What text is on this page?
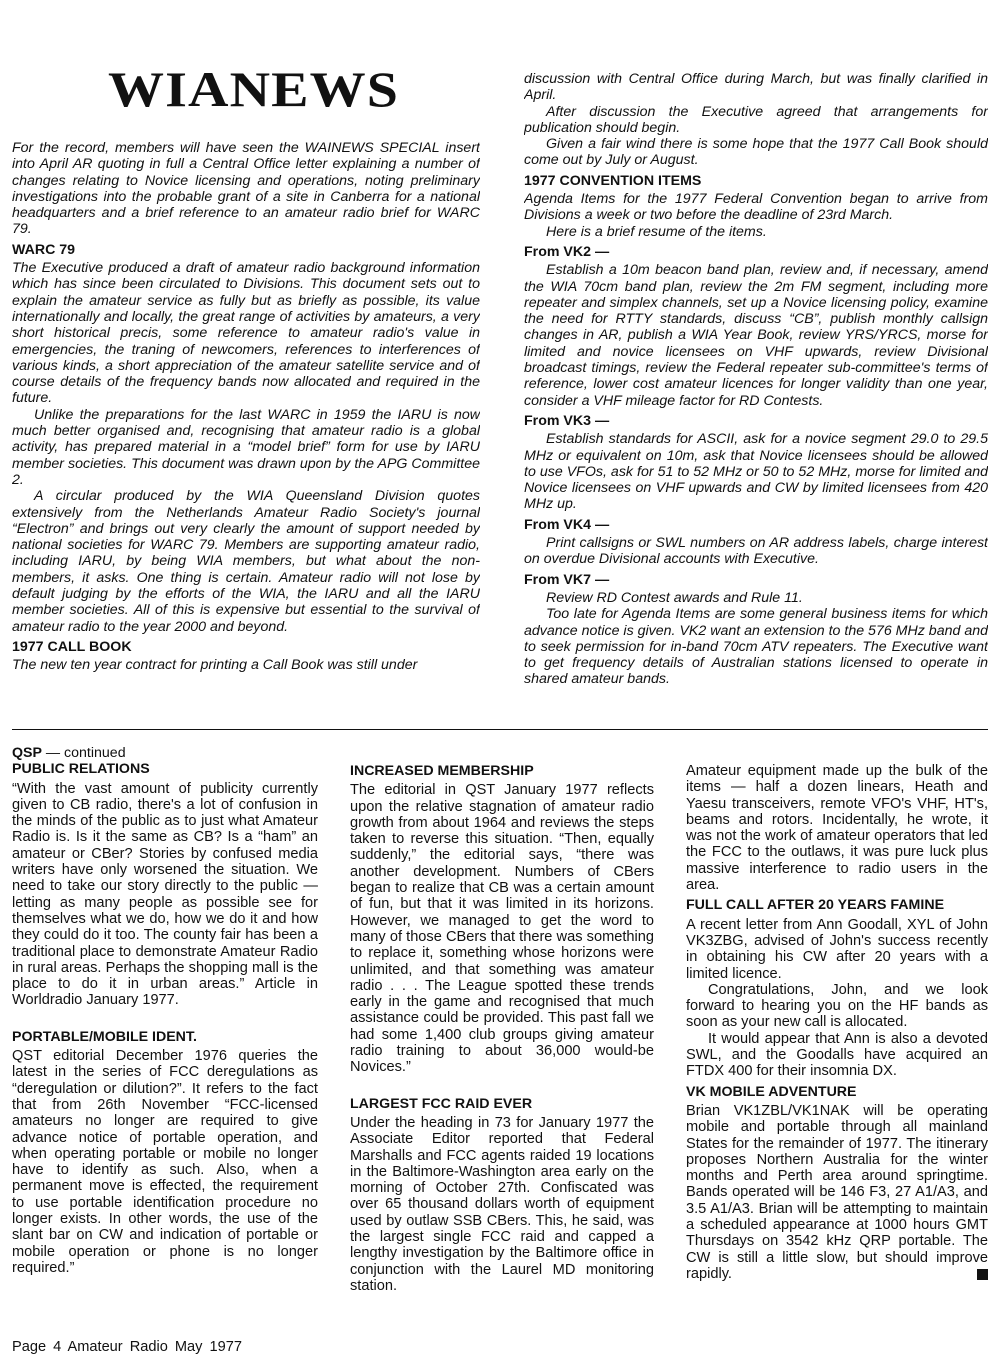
WIANEWS

For the record, members will have seen the WAINEWS SPECIAL insert into April AR quoting in full a Central Office letter explaining a number of changes relating to Novice licensing and operations, noting preliminary investigations into the probable grant of a site in Canberra for a national headquarters and a brief reference to an amateur radio brief for WARC 79.

WARC 79

The Executive produced a draft of amateur radio background information which has since been circulated to Divisions. This document sets out to explain the amateur service as fully but as briefly as possible, its value internationally and locally, the great range of activities by amateurs, a very short historical precis, some reference to amateur radio's value in emergencies, the traning of newcomers, references to interferences of various kinds, a short appreciation of the amateur satellite service and of course details of the frequency bands now allocated and required in the future.

Unlike the preparations for the last WARC in 1959 the IARU is now much better organised and, recognising that amateur radio is a global activity, has prepared material in a “model brief” form for use by IARU member societies. This document was drawn upon by the APG Committee 2.

A circular produced by the WIA Queensland Division quotes extensively from the Netherlands Amateur Radio Society's journal “Electron” and brings out very clearly the amount of support needed by national societies for WARC 79. Members are supporting amateur radio, including IARU, by being WIA members, but what about the non-members, it asks. One thing is certain. Amateur radio will not lose by default judging by the efforts of the WIA, the IARU and all the IARU member societies. All of this is expensive but essential to the survival of amateur radio to the year 2000 and beyond.

1977 CALL BOOK

The new ten year contract for printing a Call Book was still under

discussion with Central Office during March, but was finally clarified in April.

After discussion the Executive agreed that arrangements for publication should begin.

Given a fair wind there is some hope that the 1977 Call Book should come out by July or August.

1977 CONVENTION ITEMS

Agenda Items for the 1977 Federal Convention began to arrive from Divisions a week or two before the deadline of 23rd March.

Here is a brief resume of the items.

From VK2 —

Establish a 10m beacon band plan, review and, if necessary, amend the WIA 70cm band plan, review the 2m FM segment, including more repeater and simplex channels, set up a Novice licensing policy, examine the need for RTTY standards, discuss “CB”, publish monthly callsign changes in AR, publish a WIA Year Book, review YRS/YRCS, morse for limited and novice licensees on VHF upwards, review Divisional broadcast timings, review the Federal repeater sub-committee's terms of reference, lower cost amateur licences for longer validity than one year, consider a VHF mileage factor for RD Contests.

From VK3 —

Establish standards for ASCII, ask for a novice segment 29.0 to 29.5 MHz or equivalent on 10m, ask that Novice licensees should be allowed to use VFOs, ask for 51 to 52 MHz or 50 to 52 MHz, morse for limited and Novice licensees on VHF upwards and CW by limited licensees from 420 MHz up.

From VK4 —

Print callsigns or SWL numbers on AR address labels, charge interest on overdue Divisional accounts with Executive.

From VK7 —

Review RD Contest awards and Rule 11.

Too late for Agenda Items are some general business items for which advance notice is given. VK2 want an extension to the 576 MHz band and to seek permission for in-band 70cm ATV repeaters. The Executive want to get frequency details of Australian stations licensed to operate in shared amateur bands.

QSP — continued

PUBLIC RELATIONS

“With the vast amount of publicity currently given to CB radio, there's a lot of confusion in the minds of the public as to just what Amateur Radio is. Is it the same as CB? Is a “ham” an amateur or CBer? Stories by confused media writers have only worsened the situation. We need to take our story directly to the public — letting as many people as possible see for themselves what we do, how we do it and how they could do it too. The county fair has been a traditional place to demonstrate Amateur Radio in rural areas. Perhaps the shopping mall is the place to do it in urban areas.” Article in Worldradio January 1977.

PORTABLE/MOBILE IDENT.

QST editorial December 1976 queries the latest in the series of FCC deregulations as “deregulation or dilution?”. It refers to the fact that from 26th November “FCC-licensed amateurs no longer are required to give advance notice of portable operation, and when operating portable or mobile no longer have to identify as such. Also, when a permanent move is effected, the requirement to use portable identification procedure no longer exists. In other words, the use of the slant bar on CW and indication of portable or mobile operation or phone is no longer required.”

INCREASED MEMBERSHIP

The editorial in QST January 1977 reflects upon the relative stagnation of amateur radio growth from about 1964 and reviews the steps taken to reverse this situation. “Then, equally suddenly,” the editorial says, “there was another development. Numbers of CBers began to realize that CB was a certain amount of fun, but that it was limited in its horizons. However, we managed to get the word to many of those CBers that there was something to replace it, something whose horizons were unlimited, and that something was amateur radio . . . The League spotted these trends early in the game and recognised that much assistance could be provided. This past fall we had some 1,400 club groups giving amateur radio training to about 36,000 would-be Novices.”

LARGEST FCC RAID EVER

Under the heading in 73 for January 1977 the Associate Editor reported that Federal Marshalls and FCC agents raided 19 locations in the Baltimore-Washington area early on the morning of October 27th. Confiscated was over 65 thousand dollars worth of equipment used by outlaw SSB CBers. This, he said, was the largest single FCC raid and capped a lengthy investigation by the Baltimore office in conjunction with the Laurel MD monitoring station.

Amateur equipment made up the bulk of the items — half a dozen linears, Heath and Yaesu transceivers, remote VFO's VHF, HT's, beams and rotors. Incidentally, he wrote, it was not the work of amateur operators that led the FCC to the outlaws, it was pure luck plus massive interference to radio users in the area.

FULL CALL AFTER 20 YEARS FAMINE

A recent letter from Ann Goodall, XYL of John VK3ZBG, advised of John's success recently in obtaining his CW after 20 years with a limited licence.

Congratulations, John, and we look forward to hearing you on the HF bands as soon as your new call is allocated.

It would appear that Ann is also a devoted SWL, and the Goodalls have acquired an FTDX 400 for their insomnia DX.

VK MOBILE ADVENTURE

Brian VK1ZBL/VK1NAK will be operating mobile and portable through all mainland States for the remainder of 1977. The itinerary proposes Northern Australia for the winter months and Perth area around springtime. Bands operated will be 146 F3, 27 A1/A3, and 3.5 A1/A3. Brian will be attempting to maintain a scheduled appearance at 1000 hours GMT Thursdays on 3542 kHz QRP portable. The CW is still a little slow, but should improve rapidly.

Page 4 Amateur Radio May 1977
